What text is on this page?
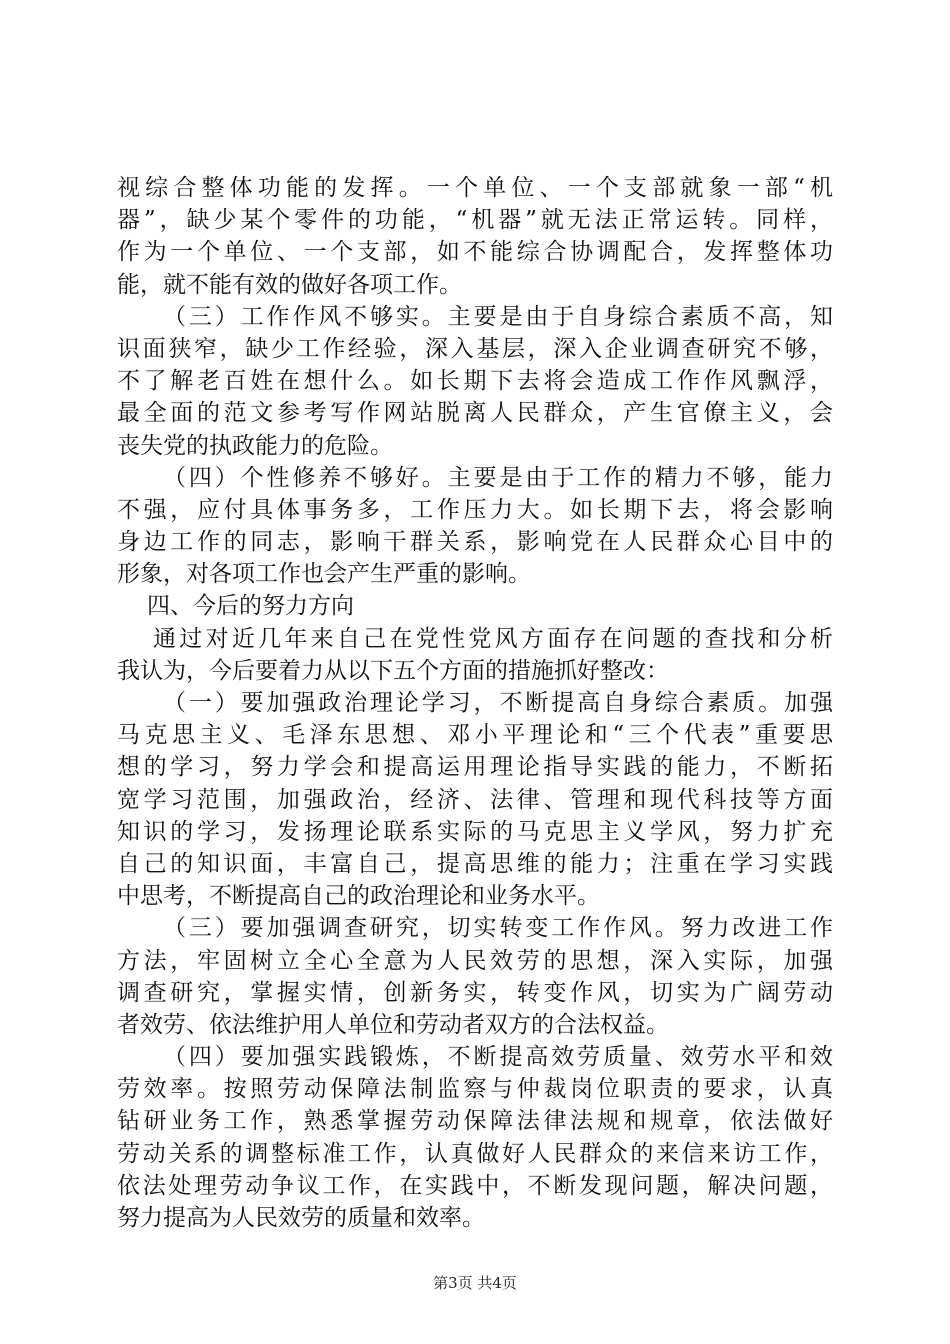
视综合整体功能的发挥。一个单位、一个支部就象一部“机
器”，缺少某个零件的功能，“机器”就无法正常运转。同样，
作为一个单位、一个支部，如不能综合协调配合，发挥整体功
能，就不能有效的做好各项工作。
（三）工作作风不够实。主要是由于自身综合素质不高，知
识面狭窄，缺少工作经验，深入基层，深入企业调查研究不够，
不了解老百姓在想什么。如长期下去将会造成工作作风飘浮，
最全面的范文参考写作网站脱离人民群众，产生官僚主义，会
丧失党的执政能力的危险。
（四）个性修养不够好。主要是由于工作的精力不够，能力
不强，应付具体事务多，工作压力大。如长期下去，将会影响
身边工作的同志，影响干群关系，影响党在人民群众心目中的
形象，对各项工作也会产生严重的影响。
四、今后的努力方向
通过对近几年来自己在党性党风方面存在问题的查找和分析
我认为，今后要着力从以下五个方面的措施抓好整改：
（一）要加强政治理论学习，不断提高自身综合素质。加强
马克思主义、毛泽东思想、邓小平理论和“三个代表”重要思
想的学习，努力学会和提高运用理论指导实践的能力，不断拓
宽学习范围，加强政治，经济、法律、管理和现代科技等方面
知识的学习，发扬理论联系实际的马克思主义学风，努力扩充
自己的知识面，丰富自己，提高思维的能力；注重在学习实践
中思考，不断提高自己的政治理论和业务水平。
（三）要加强调查研究，切实转变工作作风。努力改进工作
方法，牢固树立全心全意为人民效劳的思想，深入实际，加强
调查研究，掌握实情，创新务实，转变作风，切实为广阔劳动
者效劳、依法维护用人单位和劳动者双方的合法权益。
（四）要加强实践锻炼，不断提高效劳质量、效劳水平和效
劳效率。按照劳动保障法制监察与仲裁岗位职责的要求，认真
钻研业务工作，熟悉掌握劳动保障法律法规和规章，依法做好
劳动关系的调整标准工作，认真做好人民群众的来信来访工作，
依法处理劳动争议工作，在实践中，不断发现问题，解决问题，
努力提高为人民效劳的质量和效率。
第3页 共4页
